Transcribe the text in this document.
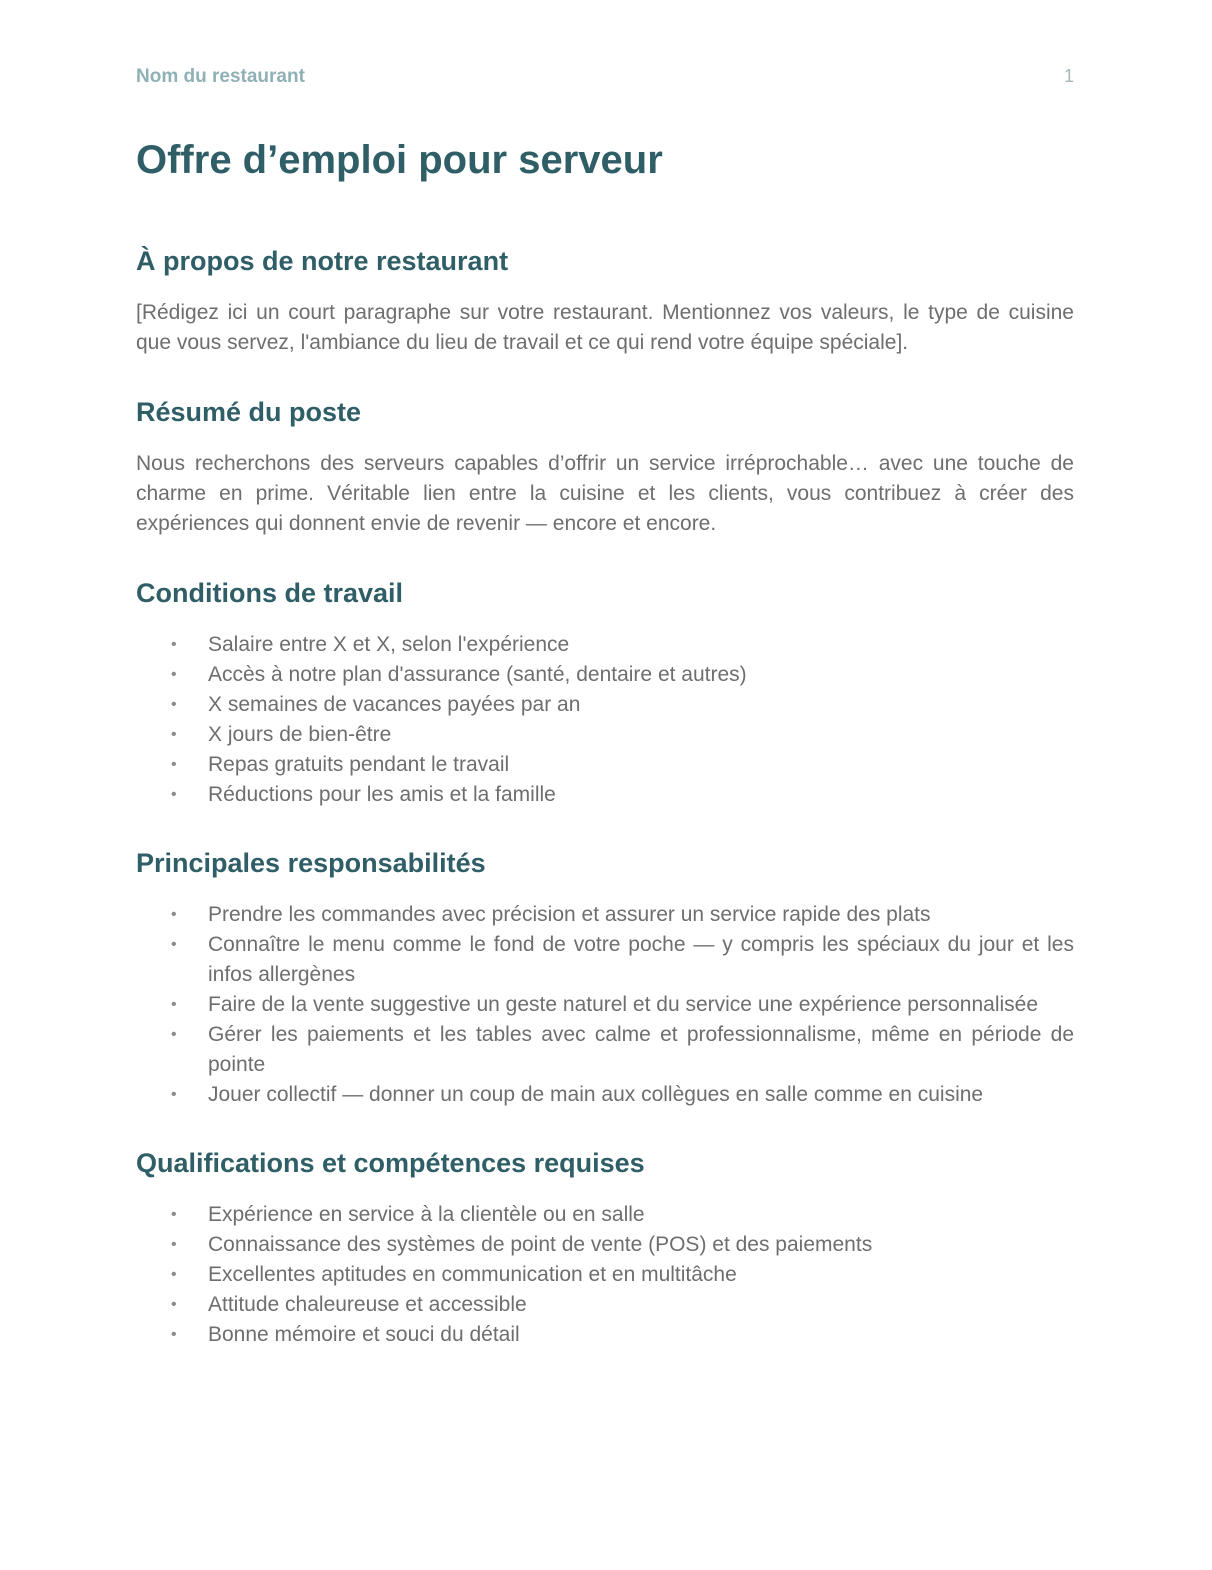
Nom du restaurant	1
Offre d’emploi pour serveur
À propos de notre restaurant

[Rédigez ici un court paragraphe sur votre restaurant. Mentionnez vos valeurs, le type de cuisine que vous servez, l'ambiance du lieu de travail et ce qui rend votre équipe spéciale].

Résumé du poste

Nous recherchons des serveurs capables d’offrir un service irréprochable… avec une touche de charme en prime. Véritable lien entre la cuisine et les clients, vous contribuez à créer des expériences qui donnent envie de revenir — encore et encore.

Conditions de travail
• Salaire entre X et X, selon l'expérience
• Accès à notre plan d'assurance (santé, dentaire et autres)
• X semaines de vacances payées par an
• X jours de bien-être
• Repas gratuits pendant le travail
• Réductions pour les amis et la famille
Principales responsabilités
• Prendre les commandes avec précision et assurer un service rapide des plats
• Connaître le menu comme le fond de votre poche — y compris les spéciaux du jour et les infos allergènes
• Faire de la vente suggestive un geste naturel et du service une expérience personnalisée
• Gérer les paiements et les tables avec calme et professionnalisme, même en période de pointe
• Jouer collectif — donner un coup de main aux collègues en salle comme en cuisine
Qualifications et compétences requises
• Expérience en service à la clientèle ou en salle
• Connaissance des systèmes de point de vente (POS) et des paiements
• Excellentes aptitudes en communication et en multitâche
• Attitude chaleureuse et accessible
• Bonne mémoire et souci du détail
